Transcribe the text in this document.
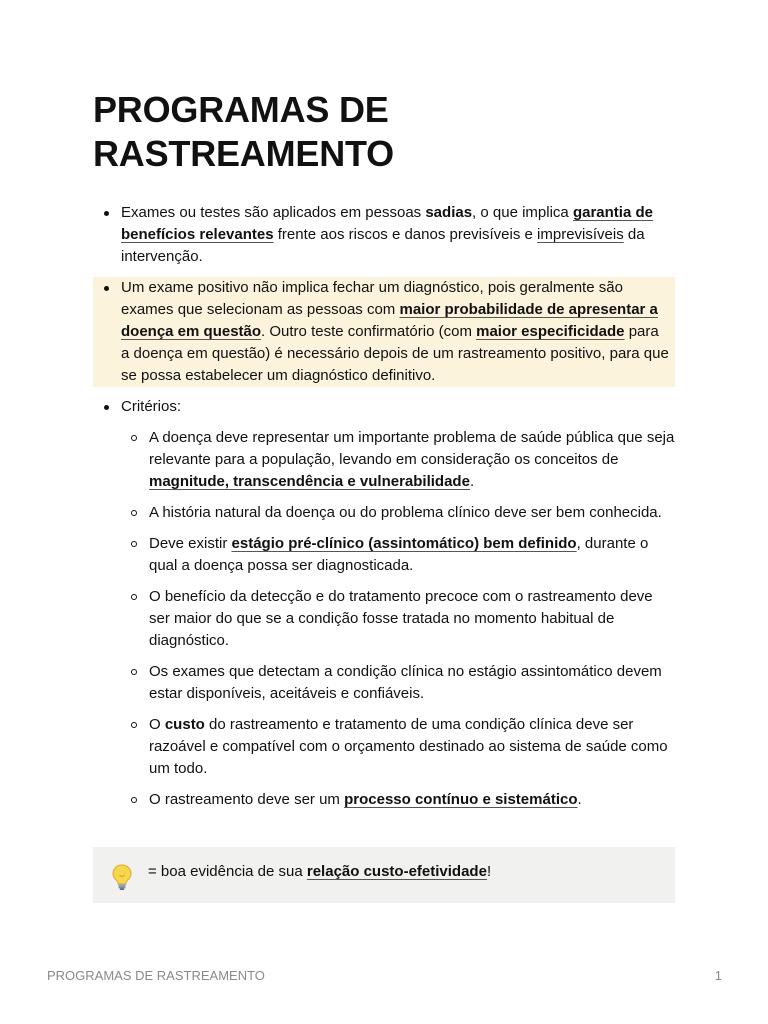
PROGRAMAS DE RASTREAMENTO
Exames ou testes são aplicados em pessoas sadias, o que implica garantia de benefícios relevantes frente aos riscos e danos previsíveis e imprevisíveis da intervenção.
Um exame positivo não implica fechar um diagnóstico, pois geralmente são exames que selecionam as pessoas com maior probabilidade de apresentar a doença em questão. Outro teste confirmatório (com maior especificidade para a doença em questão) é necessário depois de um rastreamento positivo, para que se possa estabelecer um diagnóstico definitivo.
Critérios:
A doença deve representar um importante problema de saúde pública que seja relevante para a população, levando em consideração os conceitos de magnitude, transcendência e vulnerabilidade.
A história natural da doença ou do problema clínico deve ser bem conhecida.
Deve existir estágio pré-clínico (assintomático) bem definido, durante o qual a doença possa ser diagnosticada.
O benefício da detecção e do tratamento precoce com o rastreamento deve ser maior do que se a condição fosse tratada no momento habitual de diagnóstico.
Os exames que detectam a condição clínica no estágio assintomático devem estar disponíveis, aceitáveis e confiáveis.
O custo do rastreamento e tratamento de uma condição clínica deve ser razoável e compatível com o orçamento destinado ao sistema de saúde como um todo.
O rastreamento deve ser um processo contínuo e sistemático.
= boa evidência de sua relação custo-efetividade!
PROGRAMAS DE RASTREAMENTO	1
